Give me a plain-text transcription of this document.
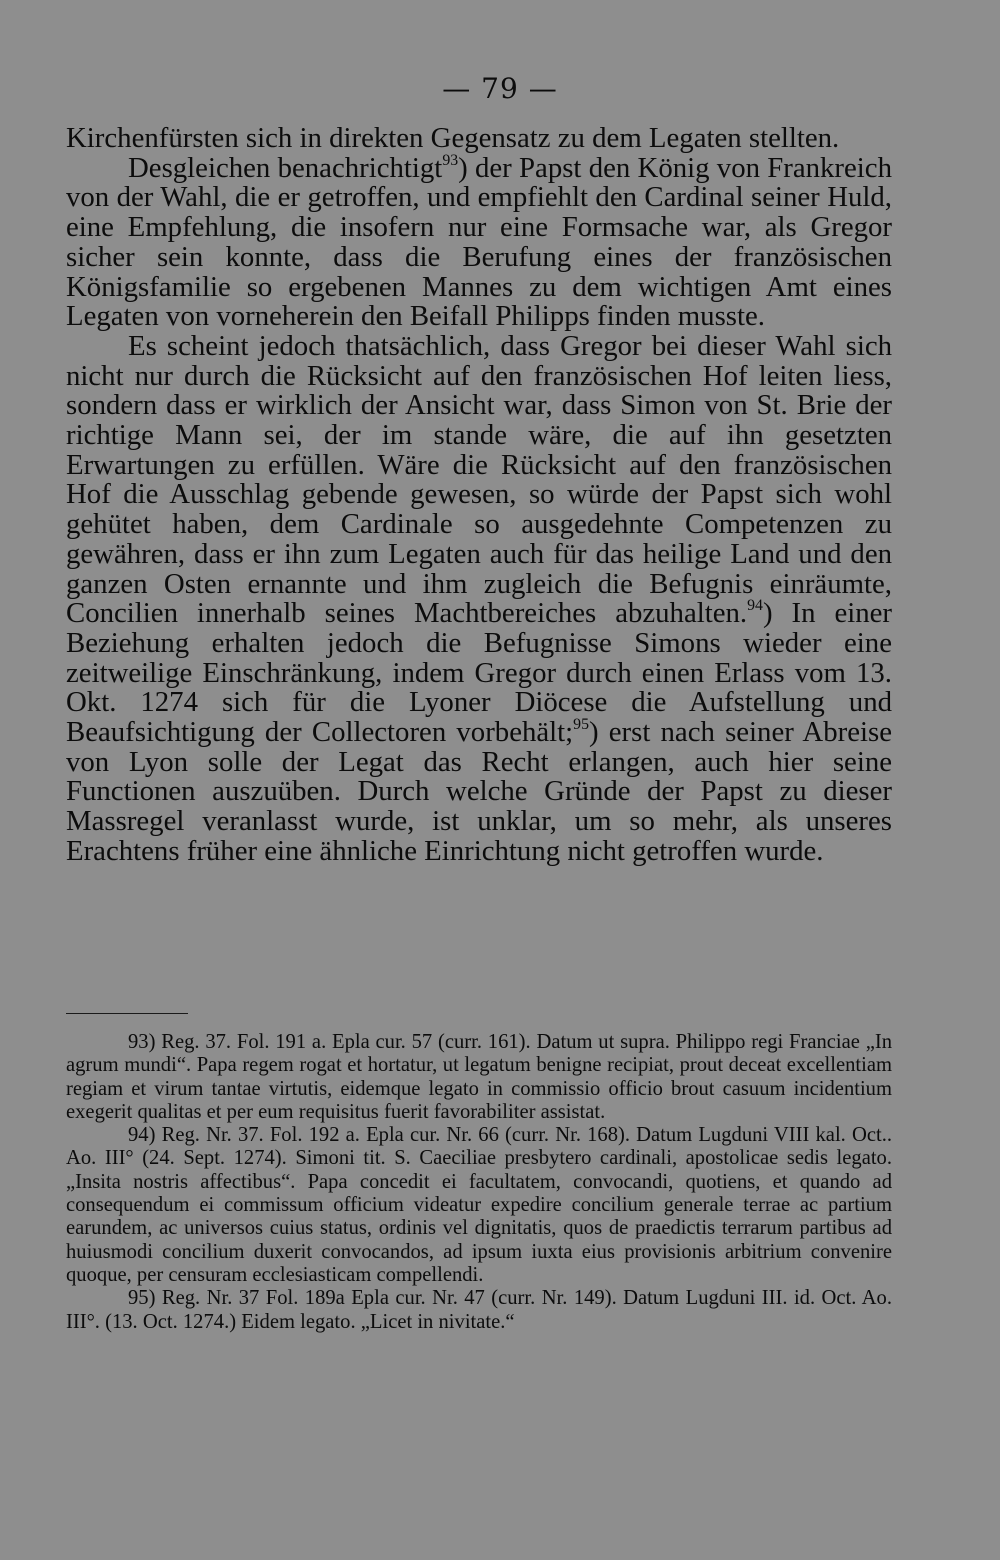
— 79 —

Kirchenfürsten sich in direkten Gegensatz zu dem Legaten stellten.

Desgleichen benachrichtigt$^{93}$) der Papst den König von Frankreich von der Wahl, die er getroffen, und empfiehlt den Cardinal seiner Huld, eine Empfehlung, die insofern nur eine Formsache war, als Gregor sicher sein konnte, dass die Berufung eines der französischen Königsfamilie so ergebenen Mannes zu dem wichtigen Amt eines Legaten von vorneherein den Beifall Philipps finden musste.

Es scheint jedoch thatsächlich, dass Gregor bei dieser Wahl sich nicht nur durch die Rücksicht auf den französischen Hof leiten liess, sondern dass er wirklich der Ansicht war, dass Simon von St. Brie der richtige Mann sei, der im stande wäre, die auf ihn gesetzten Erwartungen zu erfüllen. Wäre die Rücksicht auf den französischen Hof die Ausschlag gebende gewesen, so würde der Papst sich wohl gehütet haben, dem Cardinale so ausgedehnte Competenzen zu gewähren, dass er ihn zum Legaten auch für das heilige Land und den ganzen Osten ernannte und ihm zugleich die Befugnis einräumte, Concilien innerhalb seines Machtbereiches abzuhalten.$^{94}$) In einer Beziehung erhalten jedoch die Befugnisse Simons wieder eine zeitweilige Einschränkung, indem Gregor durch einen Erlass vom 13. Okt. 1274 sich für die Lyoner Diöcese die Aufstellung und Beaufsichtigung der Collectoren vorbehält;$^{95}$) erst nach seiner Abreise von Lyon solle der Legat das Recht erlangen, auch hier seine Functionen auszuüben. Durch welche Gründe der Papst zu dieser Massregel veranlasst wurde, ist unklar, um so mehr, als unseres Erachtens früher eine ähnliche Einrichtung nicht getroffen wurde.

93) Reg. 37. Fol. 191 a. Epla cur. 57 (curr. 161). Datum ut supra. Philippo regi Franciae „In agrum mundi“. Papa regem rogat et hortatur, ut legatum benigne recipiat, prout deceat excellentiam regiam et virum tantae virtutis, eidemque legato in commissio officio brout casuum incidentium exegerit qualitas et per eum requisitus fuerit favorabiliter assistat.

94) Reg. Nr. 37. Fol. 192 a. Epla cur. Nr. 66 (curr. Nr. 168). Datum Lugduni VIII kal. Oct.. Ao. III° (24. Sept. 1274). Simoni tit. S. Caeciliae presbytero cardinali, apostolicae sedis legato. „Insita nostris affectibus“. Papa concedit ei facultatem, convocandi, quotiens, et quando ad consequendum ei commissum officium videatur expedire concilium generale terrae ac partium earundem, ac universos cuius status, ordinis vel dignitatis, quos de praedictis terrarum partibus ad huiusmodi concilium duxerit convocandos, ad ipsum iuxta eius provisionis arbitrium convenire quoque, per censuram ecclesiasticam compellendi.

95) Reg. Nr. 37 Fol. 189a Epla cur. Nr. 47 (curr. Nr. 149). Datum Lugduni III. id. Oct. Ao. III°. (13. Oct. 1274.) Eidem legato. „Licet in nivitate.“
